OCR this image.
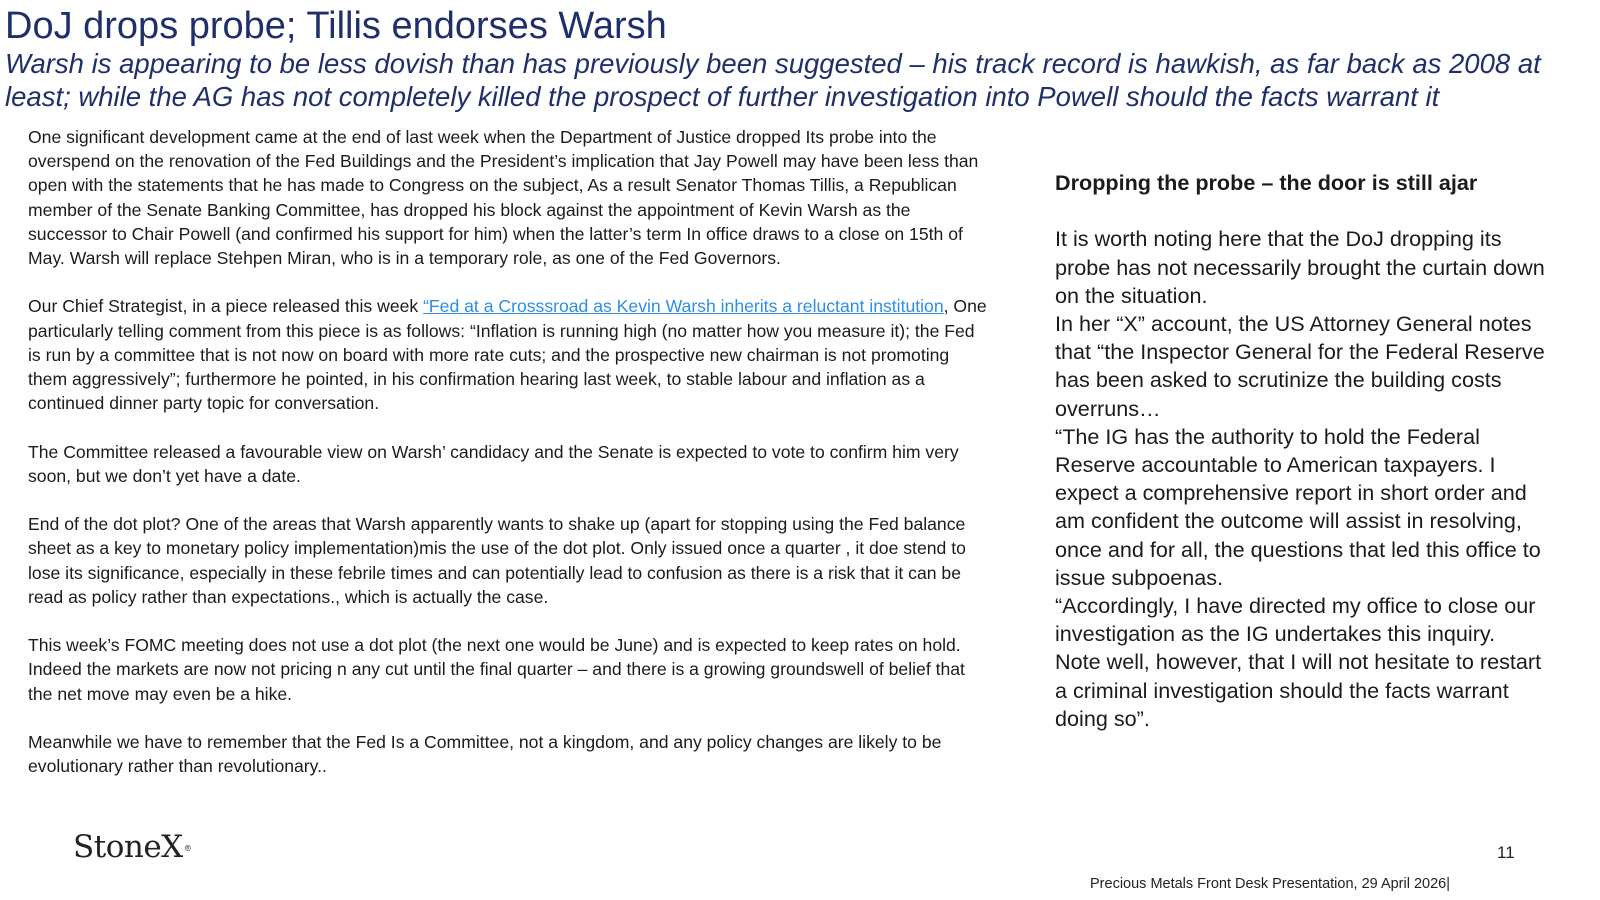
DoJ drops probe; Tillis endorses Warsh
Warsh is appearing to be less dovish than has previously been suggested – his track record is hawkish, as far back as 2008 at least; while the AG has not completely killed the prospect of further investigation into Powell should the facts warrant it

One significant development came at the end of last week when the Department of Justice dropped Its probe into the overspend on the renovation of the Fed Buildings and the President’s implication that Jay Powell may have been less than open with the statements that he has made to Congress on the subject, As a result Senator Thomas Tillis, a Republican member of the Senate Banking Committee, has dropped his block against the appointment of Kevin Warsh as the successor to Chair Powell (and confirmed his support for him) when the latter’s term In office draws to a close on 15th of May. Warsh will replace Stehpen Miran, who is in a temporary role, as one of the Fed Governors.

Our Chief Strategist, in a piece released this week “Fed at a Crosssroad as Kevin Warsh inherits a reluctant institution, One particularly telling comment from this piece is as follows: “Inflation is running high (no matter how you measure it); the Fed is run by a committee that is not now on board with more rate cuts; and the prospective new chairman is not promoting them aggressively”; furthermore he pointed, in his confirmation hearing last week, to stable labour and inflation as a continued dinner party topic for conversation.

The Committee released a favourable view on Warsh’ candidacy and the Senate is expected to vote to confirm him very soon, but we don’t yet have a date.

End of the dot plot? One of the areas that Warsh apparently wants to shake up (apart for stopping using the Fed balance sheet as a key to monetary policy implementation)mis the use of the dot plot. Only issued once a quarter , it doe stend to lose its significance, especially in these febrile times and can potentially lead to confusion as there is a risk that it can be read as policy rather than expectations., which is actually the case.

This week’s FOMC meeting does not use a dot plot (the next one would be June) and is expected to keep rates on hold. Indeed the markets are now not pricing n any cut until the final quarter – and there is a growing groundswell of belief that the net move may even be a hike.

Meanwhile we have to remember that the Fed Is a Committee, not a kingdom, and any policy changes are likely to be evolutionary rather than revolutionary..

Dropping the probe – the door is still ajar
It is worth noting here that the DoJ dropping its probe has not necessarily brought the curtain down on the situation.
In her “X” account, the US Attorney General notes that “the Inspector General for the Federal Reserve has been asked to scrutinize the building costs overruns…
“The IG has the authority to hold the Federal Reserve accountable to American taxpayers. I expect a comprehensive report in short order and am confident the outcome will assist in resolving, once and for all, the questions that led this office to issue subpoenas.
“Accordingly, I have directed my office to close our investigation as the IG undertakes this inquiry. Note well, however, that I will not hesitate to restart a criminal investigation should the facts warrant doing so”.
StoneX®	11
Precious Metals Front Desk Presentation, 29 April 2026|
